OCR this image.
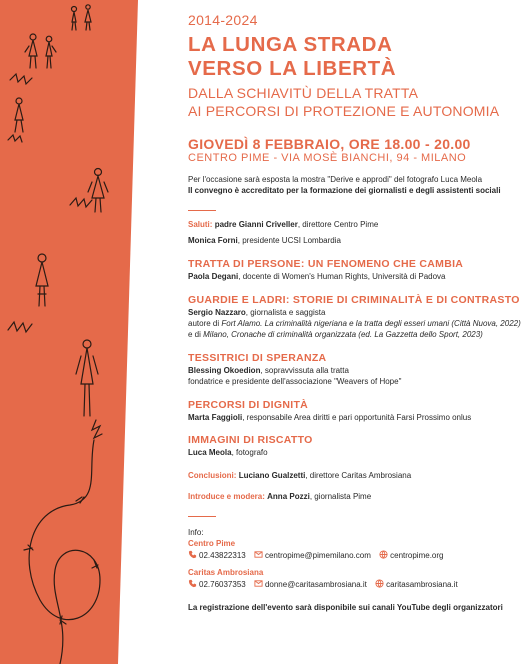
2014-2024
LA LUNGA STRADA
VERSO LA LIBERTÀ
DALLA SCHIAVITÙ DELLA TRATTA
AI PERCORSI DI PROTEZIONE E AUTONOMIA
GIOVEDÌ 8 FEBBRAIO, ORE 18.00 - 20.00
CENTRO PIME - VIA MOSÈ BIANCHI, 94 - MILANO
Per l'occasione sarà esposta la mostra "Derive e approdi" del fotografo Luca Meola
Il convegno è accreditato per la formazione dei giornalisti e degli assistenti sociali
Saluti: padre Gianni Criveller, direttore Centro Pime
Monica Forni, presidente UCSI Lombardia
TRATTA DI PERSONE: UN FENOMENO CHE CAMBIA
Paola Degani, docente di Women's Human Rights, Università di Padova
GUARDIE E LADRI: STORIE DI CRIMINALITÀ E DI CONTRASTO
Sergio Nazzaro, giornalista e saggista
autore di Fort Alamo. La criminalità nigeriana e la tratta degli esseri umani (Città Nuova, 2022)
e di Milano, Cronache di criminalità organizzata (ed. La Gazzetta dello Sport, 2023)
TESSITRICI DI SPERANZA
Blessing Okoedion, sopravvissuta alla tratta
fondatrice e presidente dell'associazione "Weavers of Hope"
PERCORSI DI DIGNITÀ
Marta Faggioli, responsabile Area diritti e pari opportunità Farsi Prossimo onlus
IMMAGINI DI RISCATTO
Luca Meola, fotografo
Conclusioni: Luciano Gualzetti, direttore Caritas Ambrosiana
Introduce e modera: Anna Pozzi, giornalista Pime
Info:
Centro Pime
02.43822313 centropime@pimemilano.com centropime.org
Caritas Ambrosiana
02.76037353 donne@caritasambrosiana.it caritasambrosiana.it
La registrazione dell'evento sarà disponibile sui canali YouTube degli organizzatori
